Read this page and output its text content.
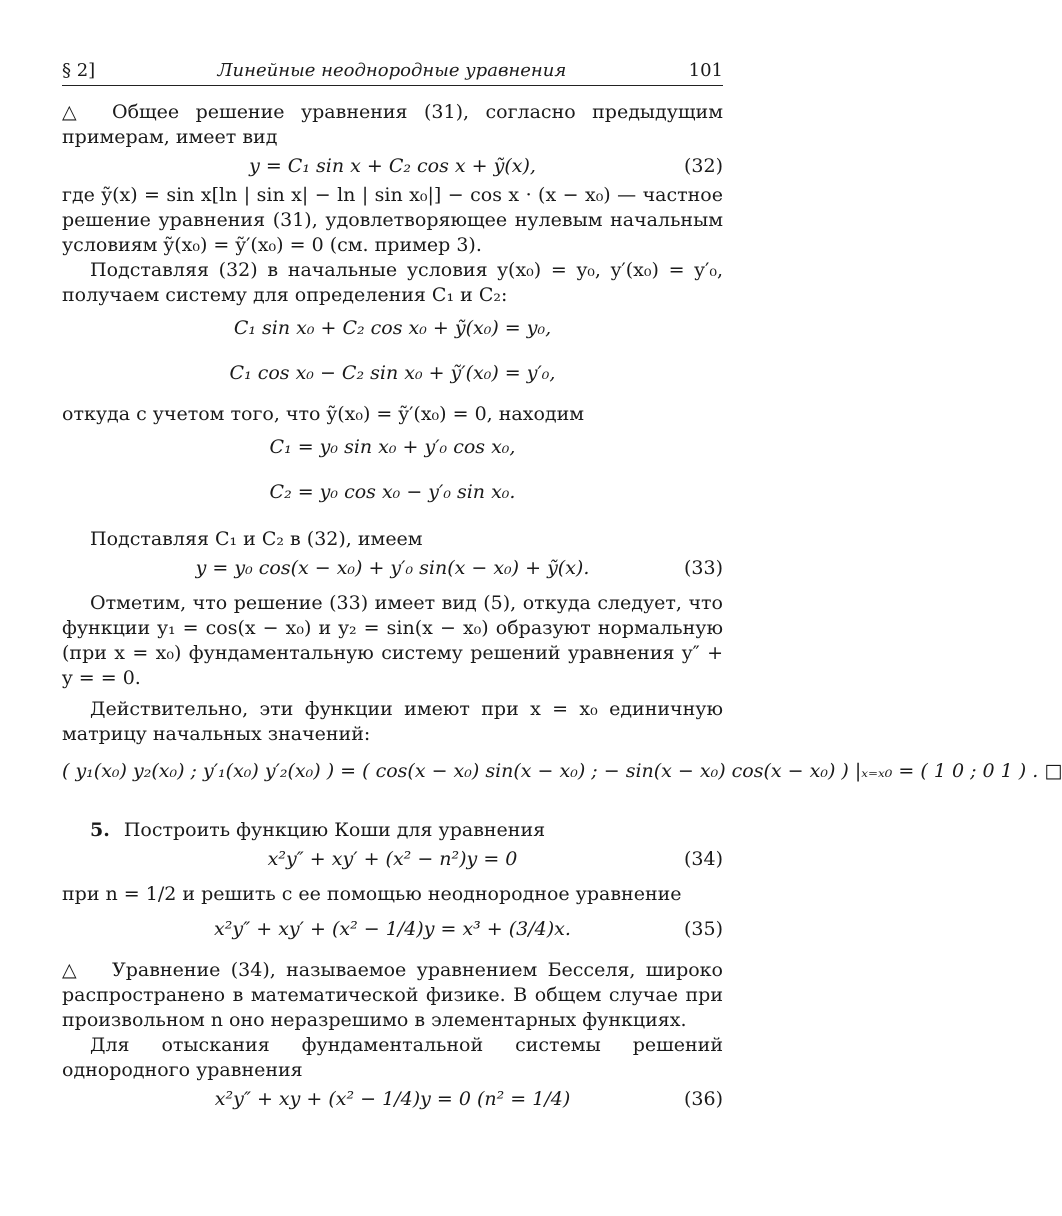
§ 2]	Линейные неоднородные уравнения	101

△ Общее решение уравнения (31), согласно предыдущим примерам, имеет вид

y = C₁ sin x + C₂ cos x + ỹ(x),	(32)

где ỹ(x) = sin x[ln | sin x| − ln | sin x₀|] − cos x · (x − x₀) — частное решение уравнения (31), удовлетворяющее нулевым начальным условиям ỹ(x₀) = ỹ′(x₀) = 0 (см. пример 3).

Подставляя (32) в начальные условия y(x₀) = y₀, y′(x₀) = y′₀, получаем систему для определения C₁ и C₂:

C₁ sin x₀ + C₂ cos x₀ + ỹ(x₀) = y₀,
C₁ cos x₀ − C₂ sin x₀ + ỹ′(x₀) = y′₀,

откуда с учетом того, что ỹ(x₀) = ỹ′(x₀) = 0, находим

C₁ = y₀ sin x₀ + y′₀ cos x₀,
C₂ = y₀ cos x₀ − y′₀ sin x₀.

Подставляя C₁ и C₂ в (32), имеем

y = y₀ cos(x − x₀) + y′₀ sin(x − x₀) + ỹ(x).	(33)

Отметим, что решение (33) имеет вид (5), откуда следует, что функции y₁ = cos(x − x₀) и y₂ = sin(x − x₀) образуют нормальную (при x = x₀) фундаментальную систему решений уравнения y″ + y = = 0.

Действительно, эти функции имеют при x = x₀ единичную матрицу начальных значений:

( y₁(x₀) y₂(x₀) ; y′₁(x₀) y′₂(x₀) ) = ( cos(x − x₀) sin(x − x₀) ; − sin(x − x₀) cos(x − x₀) ) |ₓ₌ₓ₀ = ( 1 0 ; 0 1 ) . □

5. Построить функцию Коши для уравнения

x²y″ + xy′ + (x² − n²)y = 0	(34)

при n = 1/2 и решить с ее помощью неоднородное уравнение

x²y″ + xy′ + (x² − 1/4)y = x³ + (3/4)x.	(35)

△ Уравнение (34), называемое уравнением Бесселя, широко распространено в математической физике. В общем случае при произвольном n оно неразрешимо в элементарных функциях.

Для отыскания фундаментальной системы решений однородного уравнения

x²y″ + xy + (x² − 1/4)y = 0 (n² = 1/4)	(36)
